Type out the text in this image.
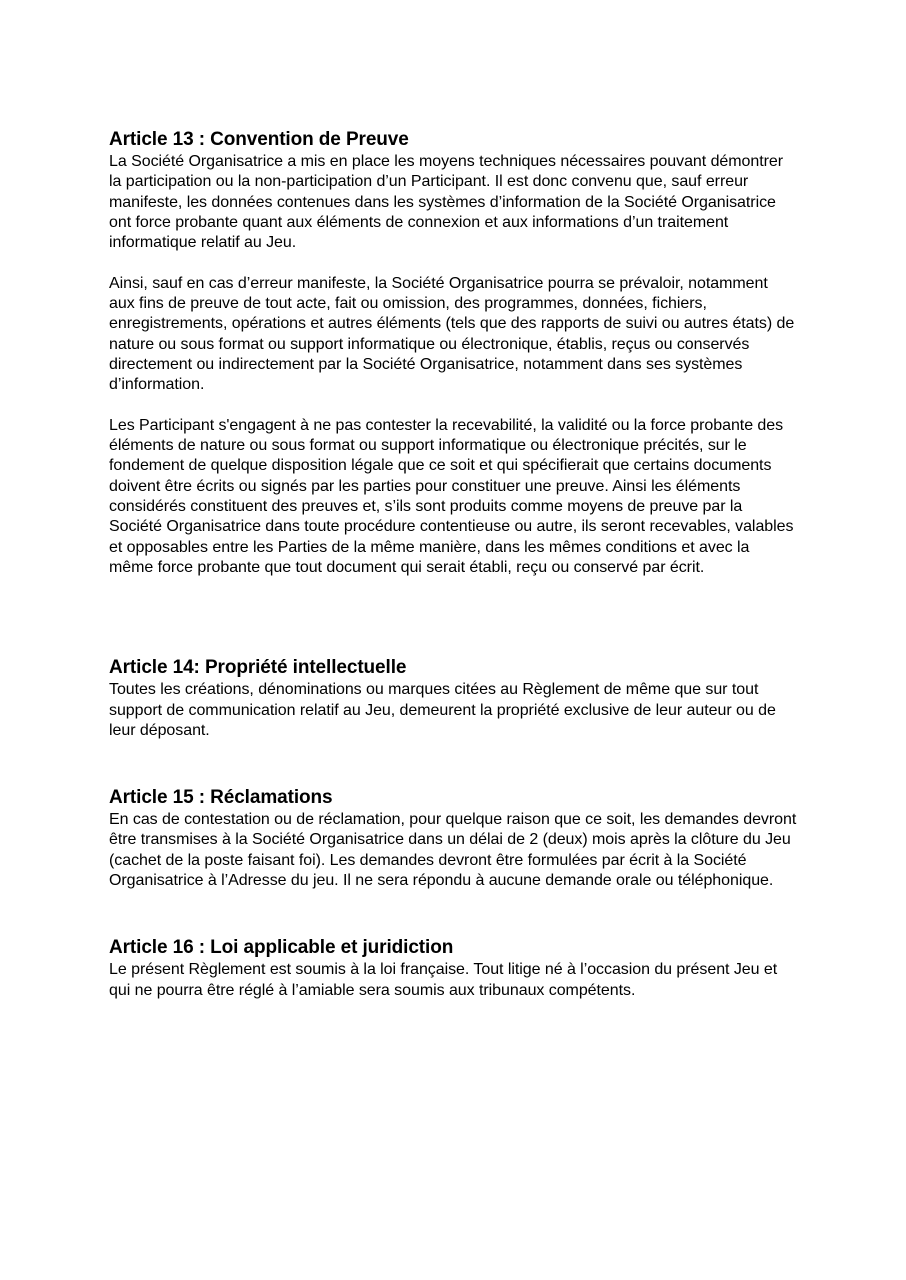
Article 13 : Convention de Preuve

La Société Organisatrice a mis en place les moyens techniques nécessaires pouvant démontrer la participation ou la non-participation d’un Participant. Il est donc convenu que, sauf erreur manifeste, les données contenues dans les systèmes d’information de la Société Organisatrice ont force probante quant aux éléments de connexion et aux informations d’un traitement informatique relatif au Jeu.

Ainsi, sauf en cas d’erreur manifeste, la Société Organisatrice pourra se prévaloir, notamment aux fins de preuve de tout acte, fait ou omission, des programmes, données, fichiers, enregistrements, opérations et autres éléments (tels que des rapports de suivi ou autres états) de nature ou sous format ou support informatique ou électronique, établis, reçus ou conservés directement ou indirectement par la Société Organisatrice, notamment dans ses systèmes d’information.

Les Participant s'engagent à ne pas contester la recevabilité, la validité ou la force probante des éléments de nature ou sous format ou support informatique ou électronique précités, sur le fondement de quelque disposition légale que ce soit et qui spécifierait que certains documents doivent être écrits ou signés par les parties pour constituer une preuve. Ainsi les éléments considérés constituent des preuves et, s’ils sont produits comme moyens de preuve par la Société Organisatrice dans toute procédure contentieuse ou autre, ils seront recevables, valables et opposables entre les Parties de la même manière, dans les mêmes conditions et avec la même force probante que tout document qui serait établi, reçu ou conservé par écrit.

Article 14: Propriété intellectuelle

Toutes les créations, dénominations ou marques citées au Règlement de même que sur tout support de communication relatif au Jeu, demeurent la propriété exclusive de leur auteur ou de leur déposant.

Article 15 : Réclamations

En cas de contestation ou de réclamation, pour quelque raison que ce soit, les demandes devront être transmises à la Société Organisatrice dans un délai de 2 (deux) mois après la clôture du Jeu (cachet de la poste faisant foi). Les demandes devront être formulées par écrit à la Société Organisatrice à l’Adresse du jeu. Il ne sera répondu à aucune demande orale ou téléphonique.

Article 16 : Loi applicable et juridiction

Le présent Règlement est soumis à la loi française. Tout litige né à l’occasion du présent Jeu et qui ne pourra être réglé à l’amiable sera soumis aux tribunaux compétents.
